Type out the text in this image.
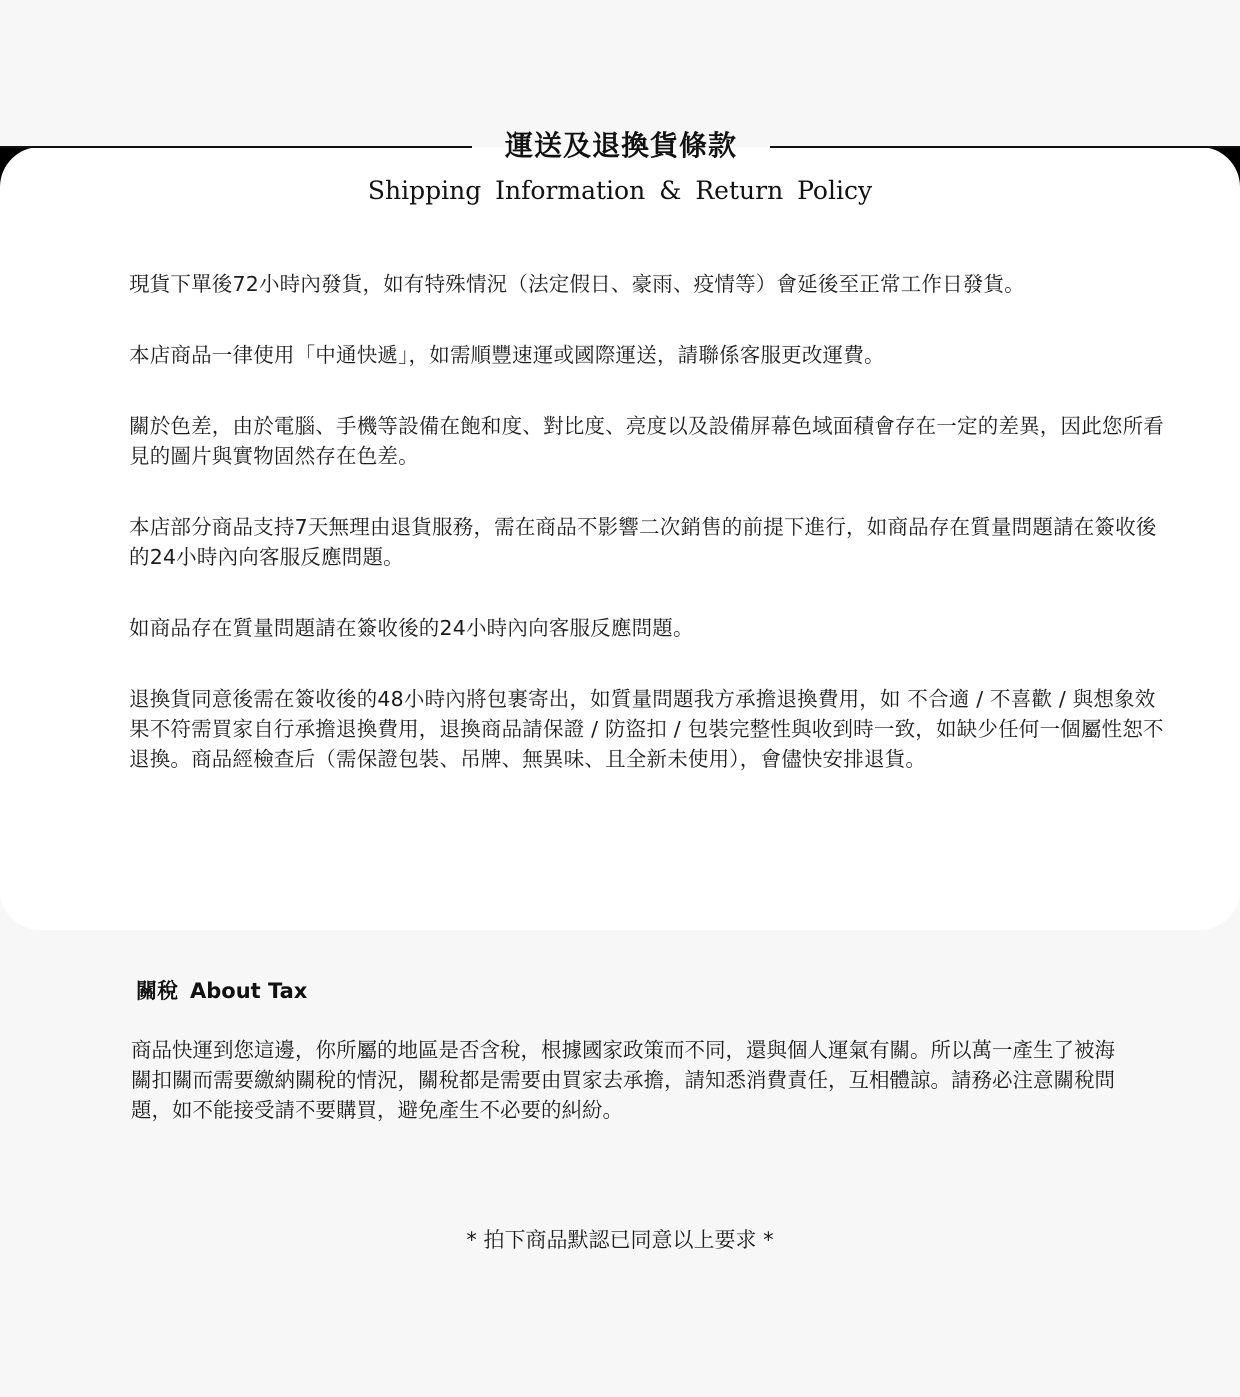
運送及退換貨條款
Shipping Information & Return Policy

現貨下單後72小時內發貨，如有特殊情況（法定假日、豪雨、疫情等）會延後至正常工作日發貨。

本店商品一律使用「中通快遞」，如需順豐速運或國際運送，請聯係客服更改運費。

關於色差，由於電腦、手機等設備在飽和度、對比度、亮度以及設備屏幕色域面積會存在一定的差異，因此您所看見的圖片與實物固然存在色差。

本店部分商品支持7天無理由退貨服務，需在商品不影響二次銷售的前提下進行，如商品存在質量問題請在簽收後的24小時內向客服反應問題。

如商品存在質量問題請在簽收後的24小時內向客服反應問題。

退換貨同意後需在簽收後的48小時內將包裹寄出，如質量問題我方承擔退換費用，如 不合適 / 不喜歡 / 與想象效果不符需買家自行承擔退換費用，退換商品請保證 / 防盜扣 / 包裝完整性與收到時一致，如缺少任何一個屬性恕不退換。商品經檢查后（需保證包裝、吊牌、無異味、且全新未使用），會儘快安排退貨。

關稅 About Tax
商品快運到您這邊，你所屬的地區是否含稅，根據國家政策而不同，還與個人運氣有關。所以萬一產生了被海關扣關而需要繳納關稅的情況，關稅都是需要由買家去承擔，請知悉消費責任，互相體諒。請務必注意關稅問題，如不能接受請不要購買，避免產生不必要的糾紛。
* 拍下商品默認已同意以上要求 *
